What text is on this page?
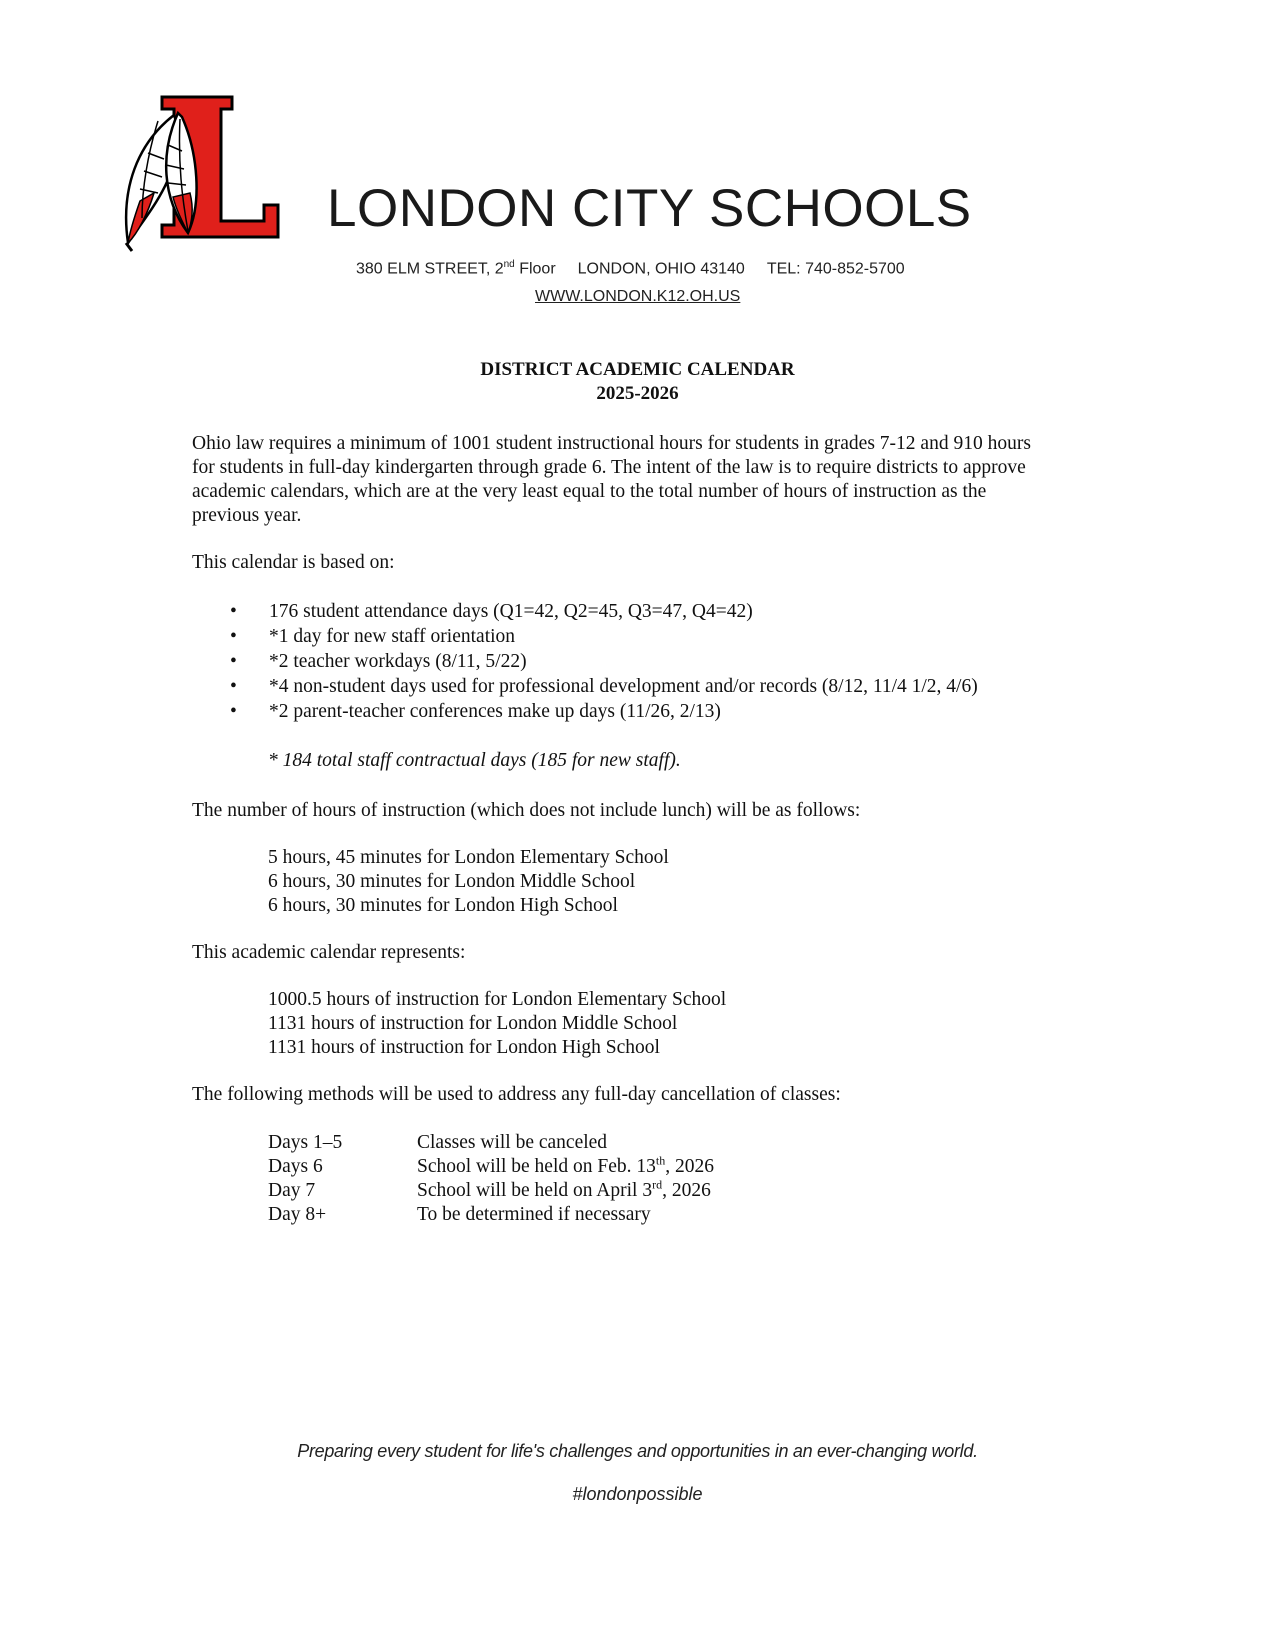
LONDON CITY SCHOOLS
380 ELM STREET, 2nd Floor LONDON, OHIO 43140 TEL: 740-852-5700
WWW.LONDON.K12.OH.US
DISTRICT ACADEMIC CALENDAR
2025-2026
Ohio law requires a minimum of 1001 student instructional hours for students in grades 7-12 and 910 hours
for students in full-day kindergarten through grade 6. The intent of the law is to require districts to approve
academic calendars, which are at the very least equal to the total number of hours of instruction as the
previous year.
This calendar is based on:
• 176 student attendance days (Q1=42, Q2=45, Q3=47, Q4=42)
• *1 day for new staff orientation
• *2 teacher workdays (8/11, 5/22)
• *4 non-student days used for professional development and/or records (8/12, 11/4 1/2, 4/6)
• *2 parent-teacher conferences make up days (11/26, 2/13)
* 184 total staff contractual days (185 for new staff).
The number of hours of instruction (which does not include lunch) will be as follows:
5 hours, 45 minutes for London Elementary School
6 hours, 30 minutes for London Middle School
6 hours, 30 minutes for London High School
This academic calendar represents:
1000.5 hours of instruction for London Elementary School
1131 hours of instruction for London Middle School
1131 hours of instruction for London High School
The following methods will be used to address any full-day cancellation of classes:
Days 1–5	Classes will be canceled
Days 6	School will be held on Feb. 13th, 2026
Day 7	School will be held on April 3rd, 2026
Day 8+	To be determined if necessary
Preparing every student for life's challenges and opportunities in an ever-changing world.
#londonpossible
